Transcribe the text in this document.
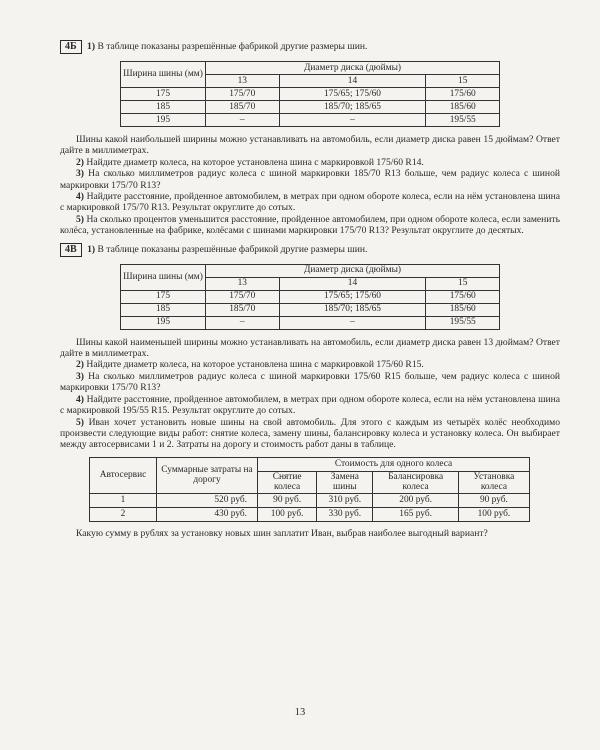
4Б 1) В таблице показаны разрешённые фабрикой другие размеры шин.
Ширина шины (мм)	Диаметр диска (дюймы)		
	13	14	15
175	175/70	175/65; 175/60	175/60
185	185/70	185/70; 185/65	185/60
195	–	–	195/55

Шины какой наибольшей ширины можно устанавливать на автомобиль, если диаметр диска равен 15 дюймам? Ответ дайте в миллиметрах.

2) Найдите диаметр колеса, на которое установлена шина с маркировкой 175/60 R14.

3) На сколько миллиметров радиус колеса с шиной маркировки 185/70 R13 больше, чем радиус колеса с шиной маркировки 175/70 R13?

4) Найдите расстояние, пройденное автомобилем, в метрах при одном обороте колеса, если на нём установлена шина с маркировкой 175/70 R13. Результат округлите до сотых.

5) На сколько процентов уменьшится расстояние, пройденное автомобилем, при одном обороте колеса, если заменить колёса, установленные на фабрике, колёсами с шинами маркировки 175/70 R13? Результат округлите до десятых.

4В 1) В таблице показаны разрешённые фабрикой другие размеры шин.
Ширина шины (мм)	Диаметр диска (дюймы)		
	13	14	15
175	175/70	175/65; 175/60	175/60
185	185/70	185/70; 185/65	185/60
195	–	–	195/55

Шины какой наименьшей ширины можно устанавливать на автомобиль, если диаметр диска равен 13 дюймам? Ответ дайте в миллиметрах.

2) Найдите диаметр колеса, на которое установлена шина с маркировкой 175/60 R15.

3) На сколько миллиметров радиус колеса с шиной маркировки 175/60 R15 больше, чем радиус колеса с шиной маркировки 175/70 R13?

4) Найдите расстояние, пройденное автомобилем, в метрах при одном обороте колеса, если на нём установлена шина с маркировкой 195/55 R15. Результат округлите до сотых.

5) Иван хочет установить новые шины на свой автомобиль. Для этого с каждым из четырёх колёс необходимо произвести следующие виды работ: снятие колеса, замену шины, балансировку колеса и установку колеса. Он выбирает между автосервисами 1 и 2. Затраты на дорогу и стоимость работ даны в таблице.

Автосервис	Суммарные затраты на дорогу	Стоимость для одного колеса			
		Снятие колеса	Замена шины	Балансировка колеса	Установка колеса
1	520 руб.	90 руб.	310 руб.	200 руб.	90 руб.
2	430 руб.	100 руб.	330 руб.	165 руб.	100 руб.

Какую сумму в рублях за установку новых шин заплатит Иван, выбрав наиболее выгодный вариант?

13
